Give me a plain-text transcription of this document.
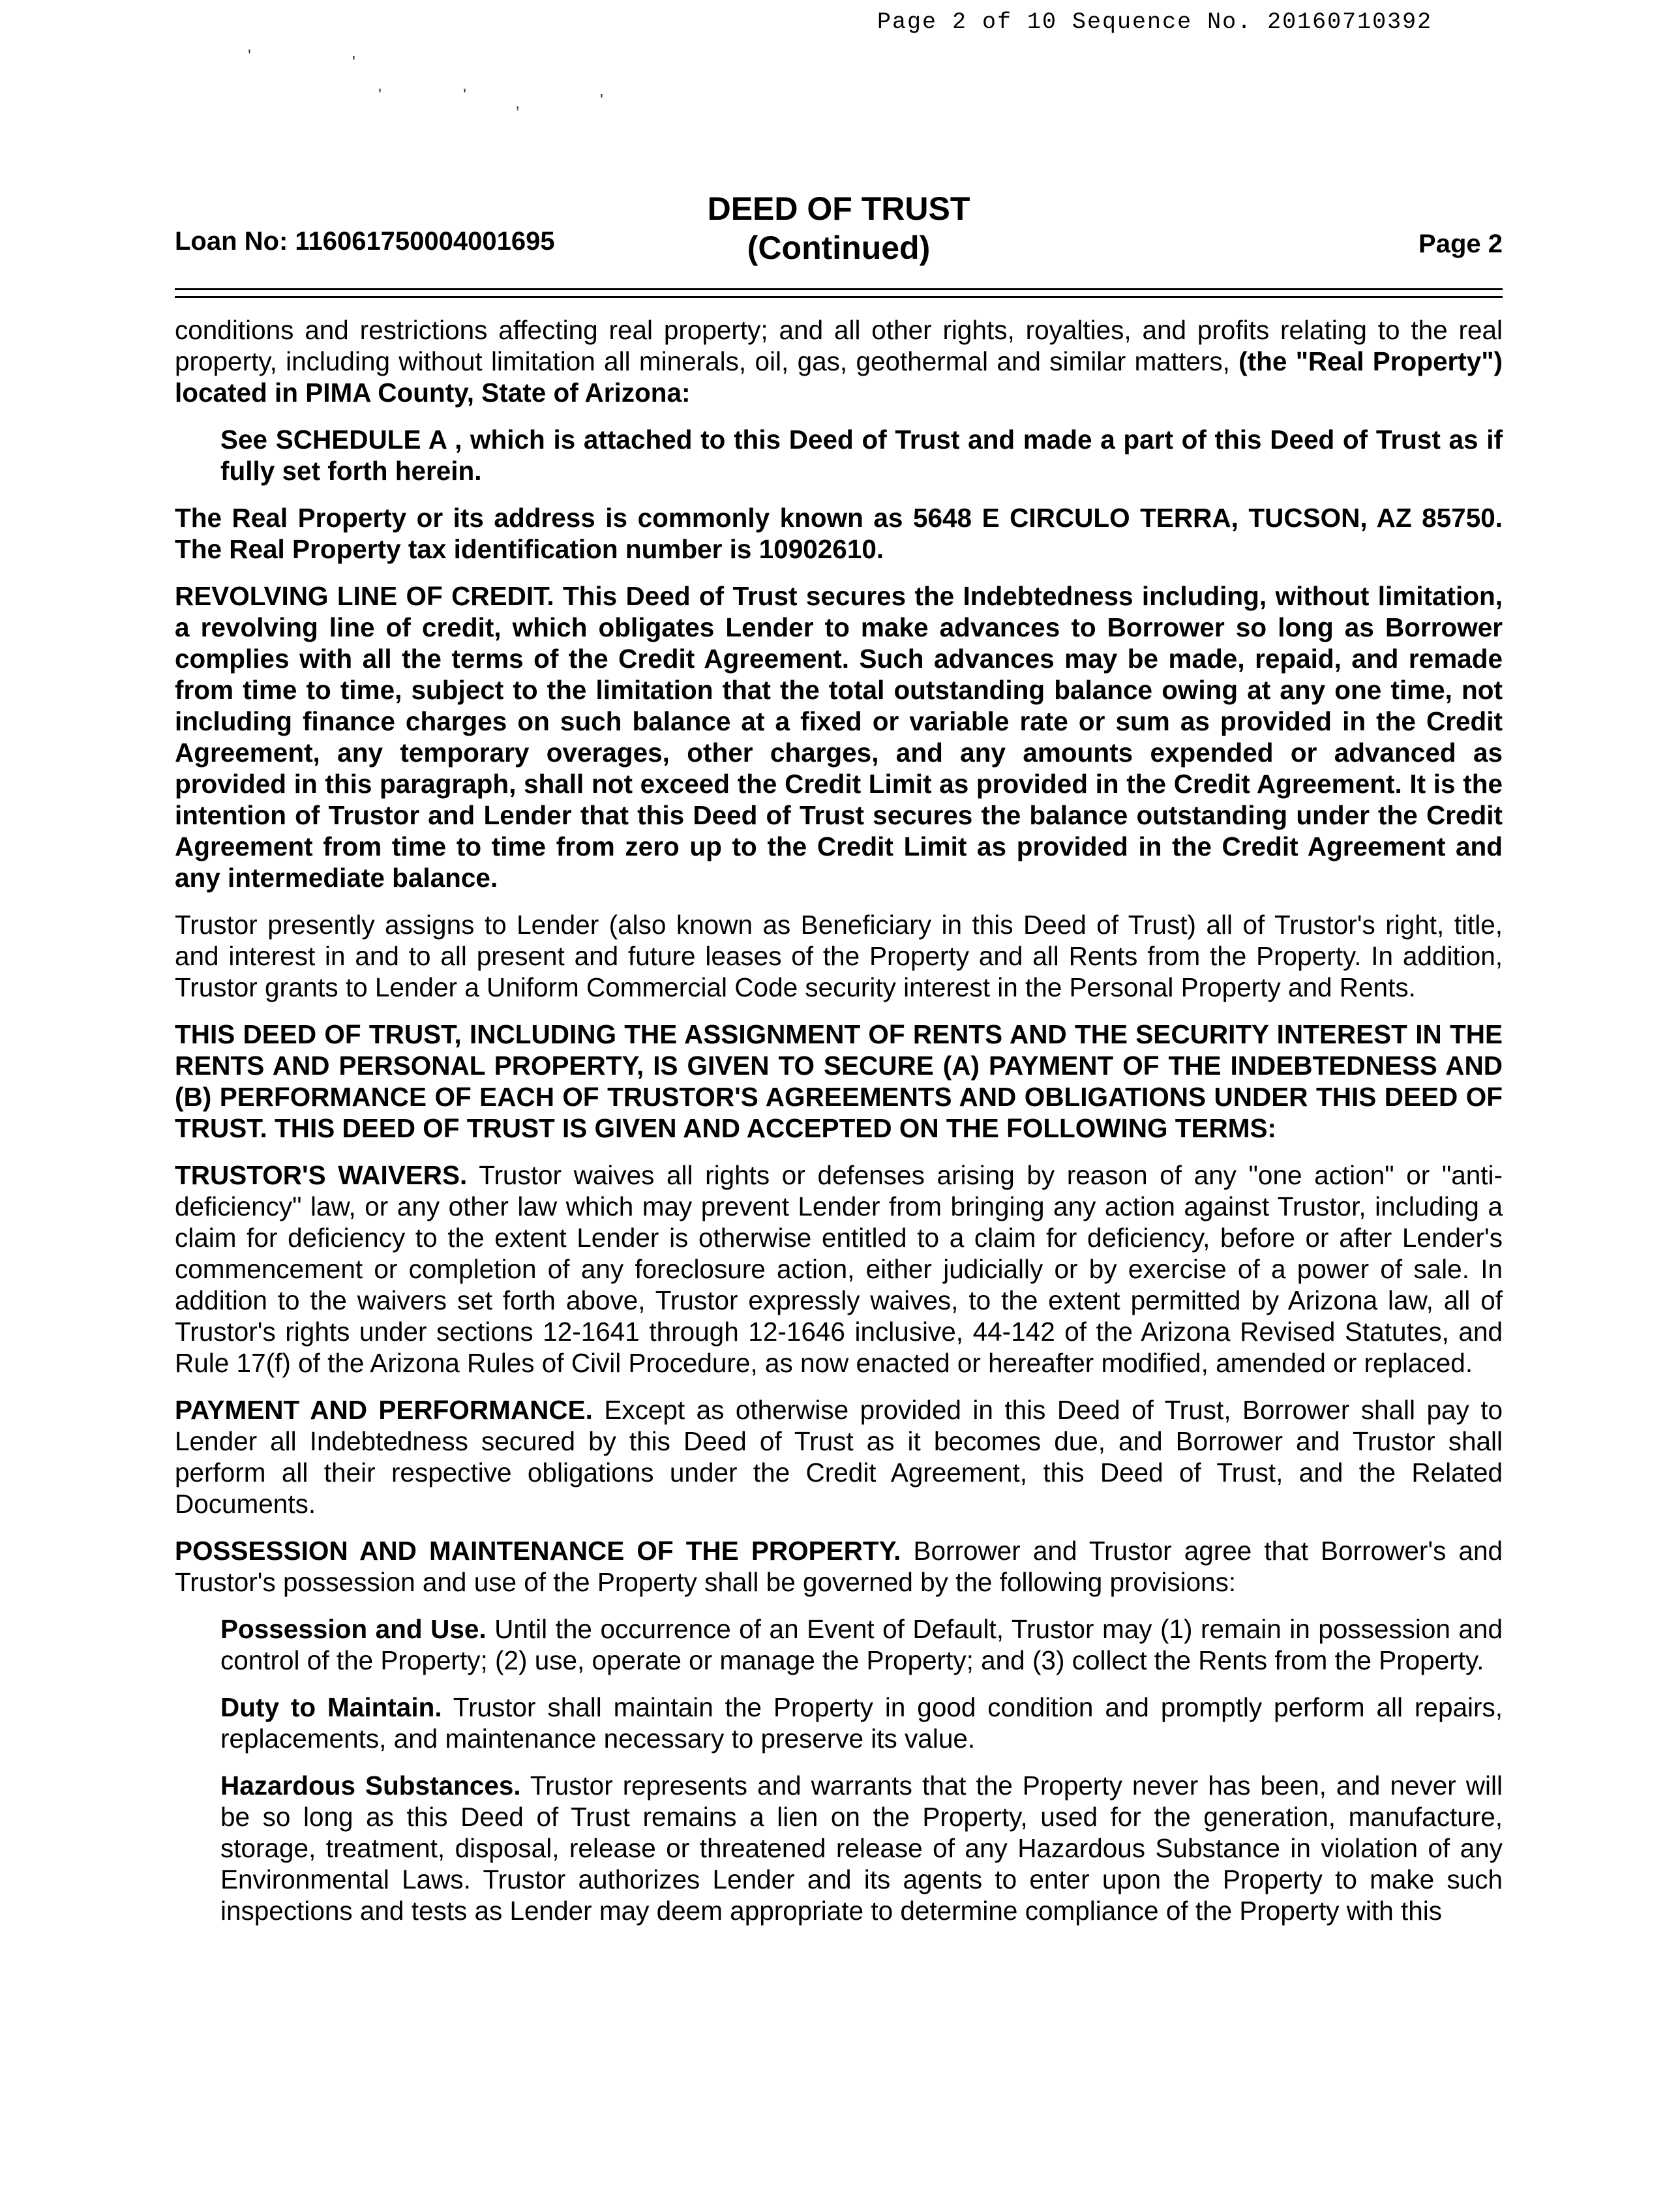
Page 2 of 10 Sequence No. 20160710392
'	'
'	'	,	'
Loan No: 116061750004001695
DEED OF TRUST
(Continued)	Page 2

conditions and restrictions affecting real property; and all other rights, royalties, and profits relating to the real property, including without limitation all minerals, oil, gas, geothermal and similar matters, (the "Real Property") located in PIMA County, State of Arizona:

See SCHEDULE A , which is attached to this Deed of Trust and made a part of this Deed of Trust as if fully set forth herein.

The Real Property or its address is commonly known as 5648 E CIRCULO TERRA, TUCSON, AZ 85750. The Real Property tax identification number is 10902610.

REVOLVING LINE OF CREDIT. This Deed of Trust secures the Indebtedness including, without limitation, a revolving line of credit, which obligates Lender to make advances to Borrower so long as Borrower complies with all the terms of the Credit Agreement. Such advances may be made, repaid, and remade from time to time, subject to the limitation that the total outstanding balance owing at any one time, not including finance charges on such balance at a fixed or variable rate or sum as provided in the Credit Agreement, any temporary overages, other charges, and any amounts expended or advanced as provided in this paragraph, shall not exceed the Credit Limit as provided in the Credit Agreement. It is the intention of Trustor and Lender that this Deed of Trust secures the balance outstanding under the Credit Agreement from time to time from zero up to the Credit Limit as provided in the Credit Agreement and any intermediate balance.

Trustor presently assigns to Lender (also known as Beneficiary in this Deed of Trust) all of Trustor's right, title, and interest in and to all present and future leases of the Property and all Rents from the Property. In addition, Trustor grants to Lender a Uniform Commercial Code security interest in the Personal Property and Rents.

THIS DEED OF TRUST, INCLUDING THE ASSIGNMENT OF RENTS AND THE SECURITY INTEREST IN THE RENTS AND PERSONAL PROPERTY, IS GIVEN TO SECURE (A) PAYMENT OF THE INDEBTEDNESS AND (B) PERFORMANCE OF EACH OF TRUSTOR'S AGREEMENTS AND OBLIGATIONS UNDER THIS DEED OF TRUST. THIS DEED OF TRUST IS GIVEN AND ACCEPTED ON THE FOLLOWING TERMS:

TRUSTOR'S WAIVERS. Trustor waives all rights or defenses arising by reason of any "one action" or "anti-deficiency" law, or any other law which may prevent Lender from bringing any action against Trustor, including a claim for deficiency to the extent Lender is otherwise entitled to a claim for deficiency, before or after Lender's commencement or completion of any foreclosure action, either judicially or by exercise of a power of sale. In addition to the waivers set forth above, Trustor expressly waives, to the extent permitted by Arizona law, all of Trustor's rights under sections 12-1641 through 12-1646 inclusive, 44-142 of the Arizona Revised Statutes, and Rule 17(f) of the Arizona Rules of Civil Procedure, as now enacted or hereafter modified, amended or replaced.

PAYMENT AND PERFORMANCE. Except as otherwise provided in this Deed of Trust, Borrower shall pay to Lender all Indebtedness secured by this Deed of Trust as it becomes due, and Borrower and Trustor shall perform all their respective obligations under the Credit Agreement, this Deed of Trust, and the Related Documents.

POSSESSION AND MAINTENANCE OF THE PROPERTY. Borrower and Trustor agree that Borrower's and Trustor's possession and use of the Property shall be governed by the following provisions:

Possession and Use. Until the occurrence of an Event of Default, Trustor may (1) remain in possession and control of the Property; (2) use, operate or manage the Property; and (3) collect the Rents from the Property.

Duty to Maintain. Trustor shall maintain the Property in good condition and promptly perform all repairs, replacements, and maintenance necessary to preserve its value.

Hazardous Substances. Trustor represents and warrants that the Property never has been, and never will be so long as this Deed of Trust remains a lien on the Property, used for the generation, manufacture, storage, treatment, disposal, release or threatened release of any Hazardous Substance in violation of any Environmental Laws. Trustor authorizes Lender and its agents to enter upon the Property to make such inspections and tests as Lender may deem appropriate to determine compliance of the Property with this
